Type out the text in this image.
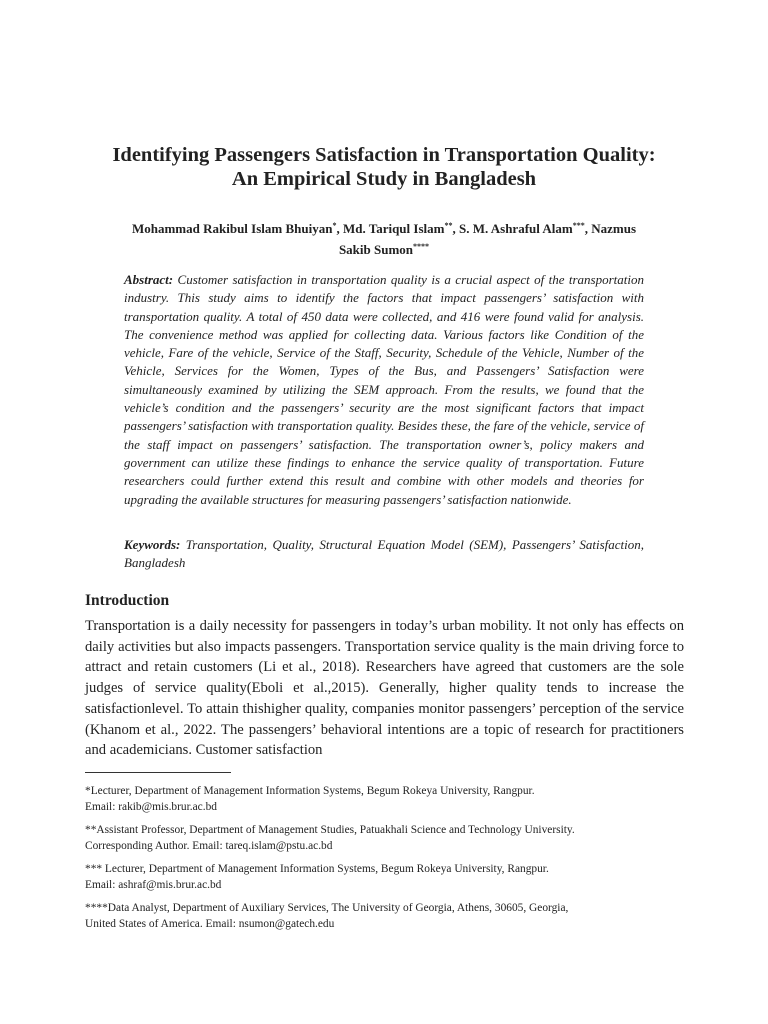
Identifying Passengers Satisfaction in Transportation Quality:
An Empirical Study in Bangladesh
Mohammad Rakibul Islam Bhuiyan*, Md. Tariqul Islam**, S. M. Ashraful Alam***, Nazmus
Sakib Sumon****
Abstract: Customer satisfaction in transportation quality is a crucial aspect of the transportation industry. This study aims to identify the factors that impact passengers’ satisfaction with transportation quality. A total of 450 data were collected, and 416 were found valid for analysis. The convenience method was applied for collecting data. Various factors like Condition of the vehicle, Fare of the vehicle, Service of the Staff, Security, Schedule of the Vehicle, Number of the Vehicle, Services for the Women, Types of the Bus, and Passengers’ Satisfaction were simultaneously examined by utilizing the SEM approach. From the results, we found that the vehicle’s condition and the passengers’ security are the most significant factors that impact passengers’ satisfaction with transportation quality. Besides these, the fare of the vehicle, service of the staff impact on passengers’ satisfaction. The transportation owner’s, policy makers and government can utilize these findings to enhance the service quality of transportation. Future researchers could further extend this result and combine with other models and theories for upgrading the available structures for measuring passengers’ satisfaction nationwide.
Keywords: Transportation, Quality, Structural Equation Model (SEM), Passengers’ Satisfaction, Bangladesh
Introduction
Transportation is a daily necessity for passengers in today’s urban mobility. It not only has effects on daily activities but also impacts passengers. Transportation service quality is the main driving force to attract and retain customers (Li et al., 2018). Researchers have agreed that customers are the sole judges of service quality(Eboli et al.,2015). Generally, higher quality tends to increase the satisfactionlevel. To attain thishigher quality, companies monitor passengers’ perception of the service (Khanom et al., 2022. The passengers’ behavioral intentions are a topic of research for practitioners and academicians. Customer satisfaction
*Lecturer, Department of Management Information Systems, Begum Rokeya University, Rangpur.
Email: rakib@mis.brur.ac.bd
**Assistant Professor, Department of Management Studies, Patuakhali Science and Technology University.
Corresponding Author. Email: tareq.islam@pstu.ac.bd
*** Lecturer, Department of Management Information Systems, Begum Rokeya University, Rangpur.
Email: ashraf@mis.brur.ac.bd
****Data Analyst, Department of Auxiliary Services, The University of Georgia, Athens, 30605, Georgia,
United States of America. Email: nsumon@gatech.edu
